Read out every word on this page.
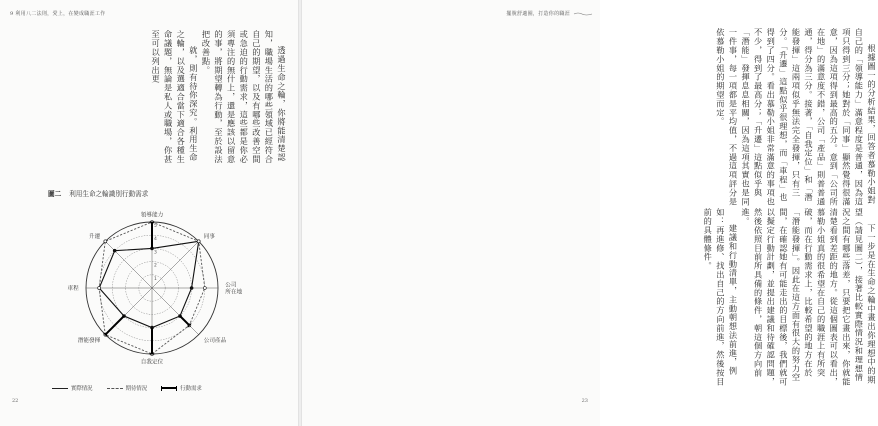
9 利用八二法則，愛上，在變成職涯工作

透過生命之輪，你將能清楚認知，職場生活的哪些領域已經符合自己的期望，以及有哪些改善空間或急迫的行動需求，這些都是你必須專注的無什上，還是應該以留意的事，將期望轉為行動，至於設法把改善點。

就，則有待你深究。利用生命之輪，以及選適合當下適合各種生命議題，無論是私人或職場，你甚至可以列出更

圖二 利用生命之輪識別行動需求
1
2
3
4
5
領導能力
同事
公司
所在地
公司產品
自我定位
潛能發揮
車程
升遷
實際情況	期待情況	行動需求
22
擺脫舒適圈，打造你的職涯

根據圖一的分析結果，回答者慕勒小姐對自己的「領導能力」滿意程度是普通，因為這項只得到三分；她對於「同事」顯然覺得很滿意，因為這項得到最高的五分。意到「公司所在地」的滿意度不錯，公司「產品」則普普通通，得分為三分。接著，「自我定位」和「潛能發揮」這兩項似乎無法完全發揮，只有三分。「升遷」這點似乎很理想，而「車程」也得到了四分。看出慕勒小姐非常滿意的事項也不少，得到了最高分；「升遷」這點似乎與「潛能」發揮息息相關，因為這項其實也是同一件事，每一項都是平均值，不過這項評分是依慕勒小姐的期望而定。

下一步是在生命之輪中畫出你理想中的期望（請見圖二），接著比較實際情況和理想情況之間有哪些落差，只要把它畫出來，你就能清楚看到差距的地方。從這個圖表可以看出，慕勒小姐真的很希望在自己的職涯上有所突破，而在行動需求上，比較希望的地方在於「潛能發揮」。因此在這方面有很大的努力空間，在確認她有可能走出的目標後，我們就可以擬定行動計劃，並提出建議和待確認問題，然後依照目前所具備的條件，朝這個方向前進。

建議和行動清單，主動朝想法前進，例如：再進修、找出自己的方向前進，然後按目前的具體條件。

23
